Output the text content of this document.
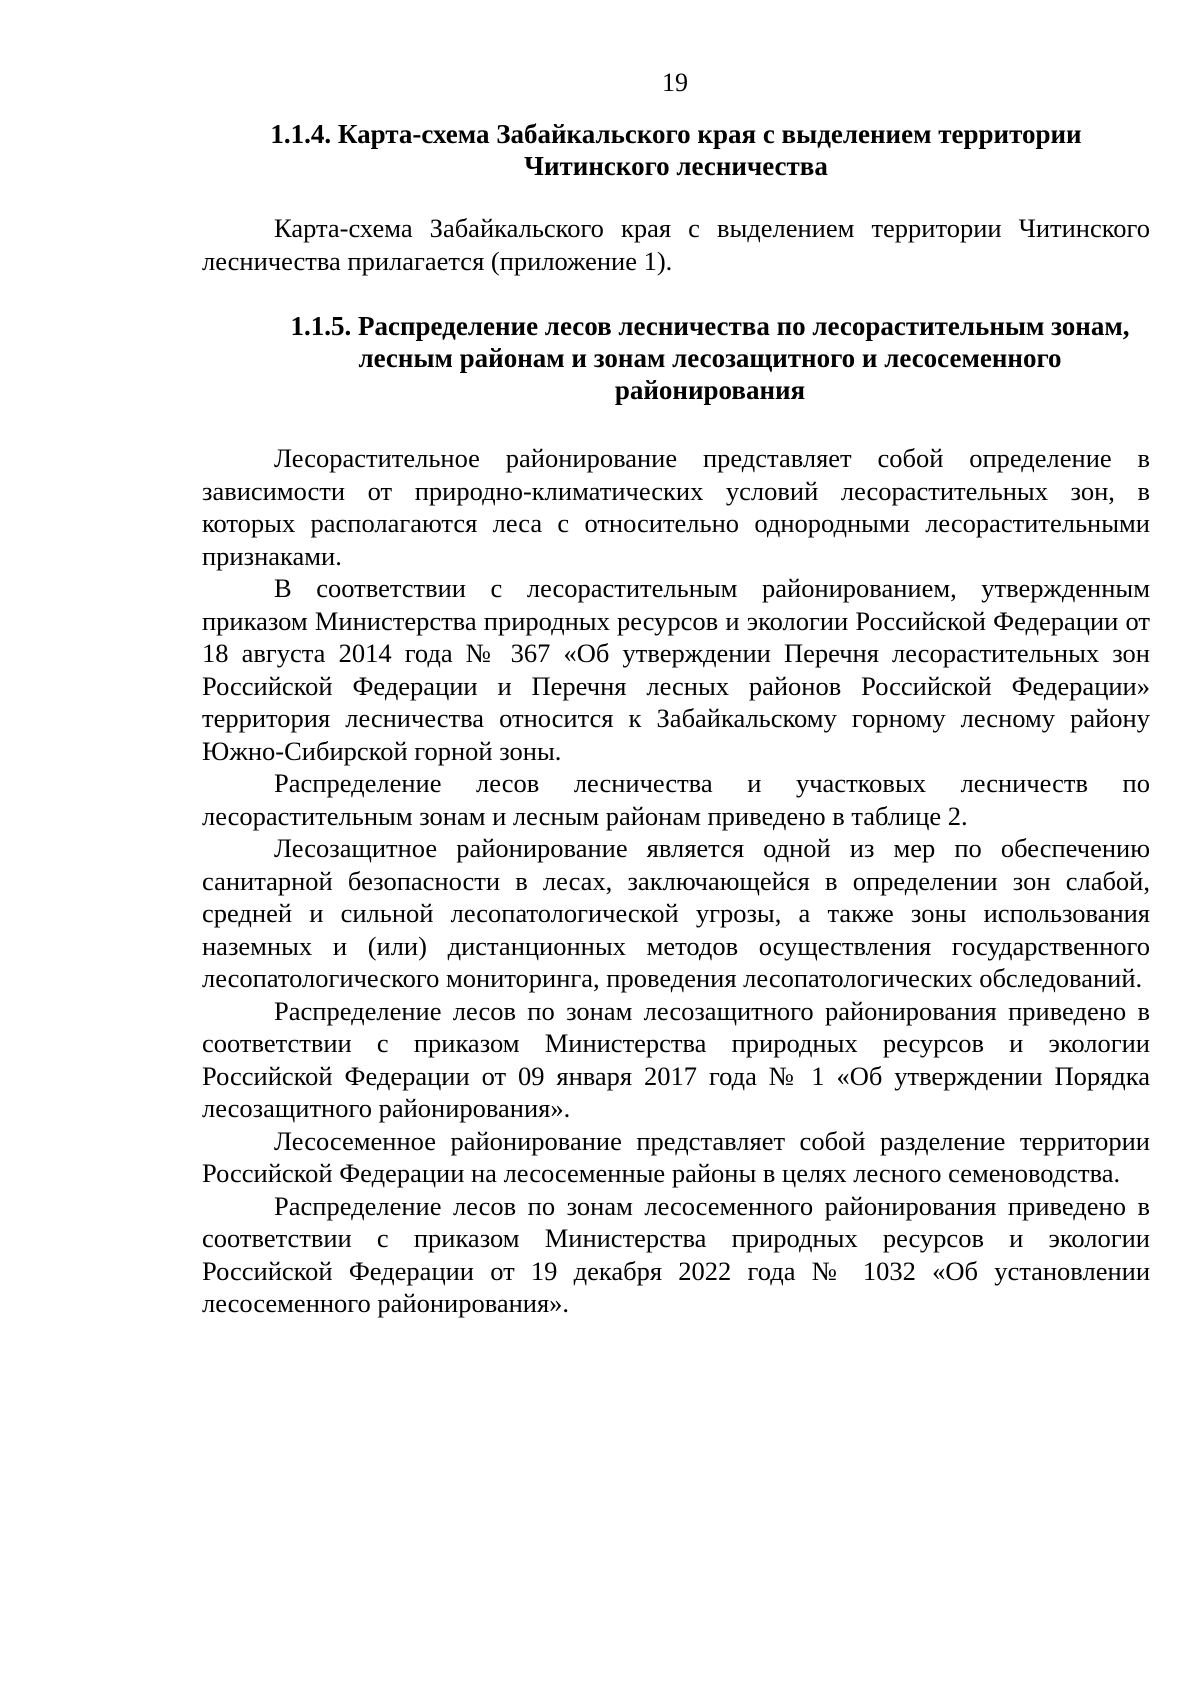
19
1.1.4. Карта-схема Забайкальского края с выделением территории Читинского лесничества

Карта-схема Забайкальского края с выделением территории Читинского лесничества прилагается (приложение 1).

1.1.5. Распределение лесов лесничества по лесорастительным зонам, лесным районам и зонам лесозащитного и лесосеменного районирования

Лесорастительное районирование представляет собой определение в зависимости от природно-климатических условий лесорастительных зон, в которых располагаются леса с относительно однородными лесорастительными признаками.

В соответствии с лесорастительным районированием, утвержденным приказом Министерства природных ресурсов и экологии Российской Федерации от 18 августа 2014 года № 367 «Об утверждении Перечня лесорастительных зон Российской Федерации и Перечня лесных районов Российской Федерации» территория лесничества относится к Забайкальскому горному лесному району Южно-Сибирской горной зоны.

Распределение лесов лесничества и участковых лесничеств по лесорастительным зонам и лесным районам приведено в таблице 2.

Лесозащитное районирование является одной из мер по обеспечению санитарной безопасности в лесах, заключающейся в определении зон слабой, средней и сильной лесопатологической угрозы, а также зоны использования наземных и (или) дистанционных методов осуществления государственного лесопатологического мониторинга, проведения лесопатологических обследований.

Распределение лесов по зонам лесозащитного районирования приведено в соответствии с приказом Министерства природных ресурсов и экологии Российской Федерации от 09 января 2017 года № 1 «Об утверждении Порядка лесозащитного районирования».

Лесосеменное районирование представляет собой разделение территории Российской Федерации на лесосеменные районы в целях лесного семеноводства.

Распределение лесов по зонам лесосеменного районирования приведено в соответствии с приказом Министерства природных ресурсов и экологии Российской Федерации от 19 декабря 2022 года № 1032 «Об установлении лесосеменного районирования».
